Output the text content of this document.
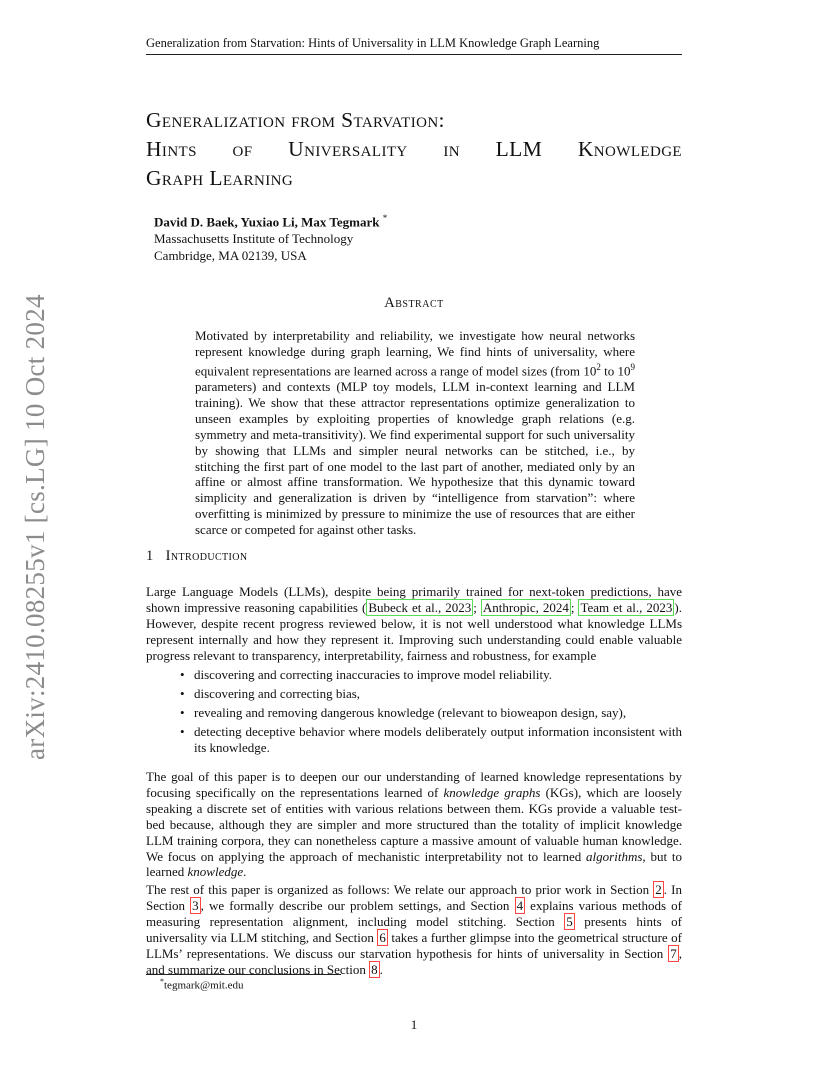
Generalization from Starvation: Hints of Universality in LLM Knowledge Graph Learning
arXiv:2410.08255v1 [cs.LG] 10 Oct 2024
Generalization from Starvation:

Hints of Universality in LLM Knowledge
Graph Learning
David D. Baek, Yuxiao Li, Max Tegmark *
Massachusetts Institute of Technology
Cambridge, MA 02139, USA
Abstract
Motivated by interpretability and reliability, we investigate how neural networks represent knowledge during graph learning, We find hints of universality, where equivalent representations are learned across a range of model sizes (from $10^2$ to $10^9$ parameters) and contexts (MLP toy models, LLM in-context learning and LLM training). We show that these attractor representations optimize generalization to unseen examples by exploiting properties of knowledge graph relations (e.g. symmetry and meta-transitivity). We find experimental support for such universality by showing that LLMs and simpler neural networks can be stitched, i.e., by stitching the first part of one model to the last part of another, mediated only by an affine or almost affine transformation. We hypothesize that this dynamic toward simplicity and generalization is driven by “intelligence from starvation”: where overfitting is minimized by pressure to minimize the use of resources that are either scarce or competed for against other tasks.
1 Introduction
Large Language Models (LLMs), despite being primarily trained for next-token predictions, have shown impressive reasoning capabilities ( Bubeck et al., 2023 ; Anthropic, 2024 ; Team et al., 2023 ). However, despite recent progress reviewed below, it is not well understood what knowledge LLMs represent internally and how they represent it. Improving such understanding could enable valuable progress relevant to transparency, interpretability, fairness and robustness, for example
• discovering and correcting inaccuracies to improve model reliability.
• discovering and correcting bias,
• revealing and removing dangerous knowledge (relevant to bioweapon design, say),
• detecting deceptive behavior where models deliberately output information inconsistent with its knowledge.
The goal of this paper is to deepen our our understanding of learned knowledge representations by focusing specifically on the representations learned of knowledge graphs (KGs), which are loosely speaking a discrete set of entities with various relations between them. KGs provide a valuable test-bed because, although they are simpler and more structured than the totality of implicit knowledge LLM training corpora, they can nonetheless capture a massive amount of valuable human knowledge. We focus on applying the approach of mechanistic interpretability not to learned algorithms, but to learned knowledge.
The rest of this paper is organized as follows: We relate our approach to prior work in Section 2 . In Section 3 , we formally describe our problem settings, and Section 4 explains various methods of measuring representation alignment, including model stitching. Section 5 presents hints of universality via LLM stitching, and Section 6 takes a further glimpse into the geometrical structure of LLMs’ representations. We discuss our starvation hypothesis for hints of universality in Section 7 , and summarize our conclusions in Section 8 .
*tegmark@mit.edu
1
